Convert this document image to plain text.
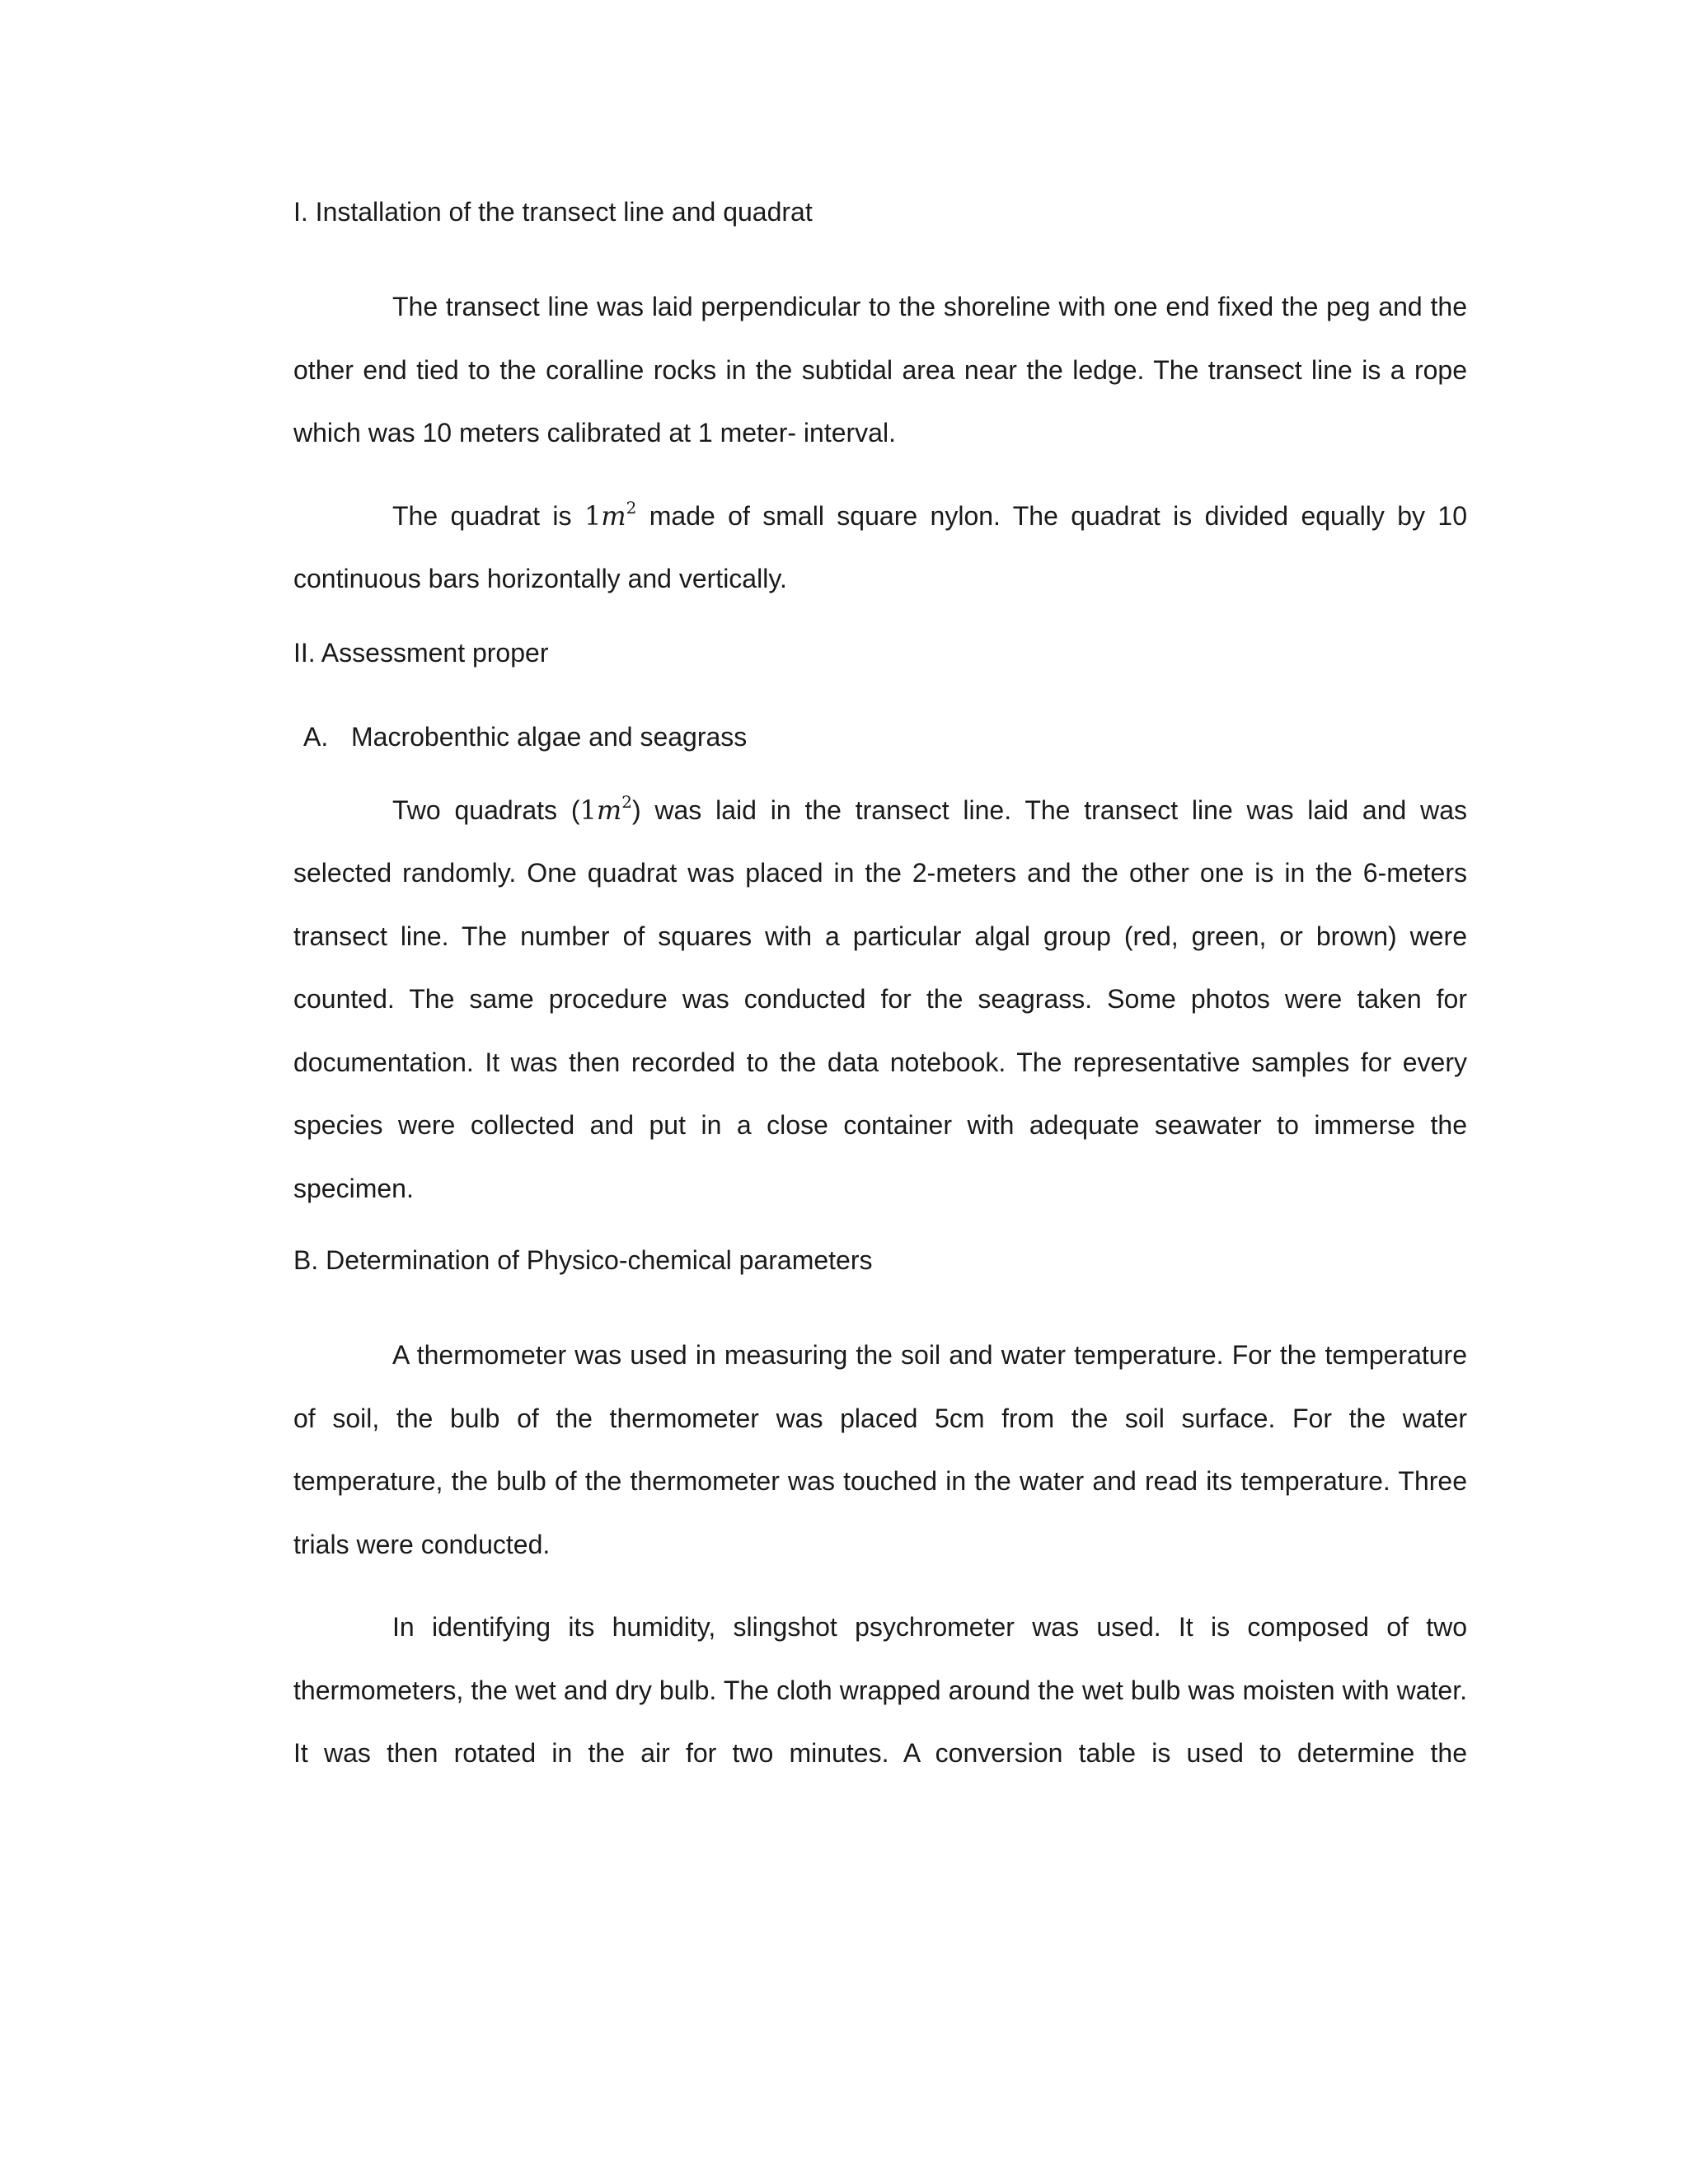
I. Installation of the transect line and quadrat

The transect line was laid perpendicular to the shoreline with one end fixed the peg and the other end tied to the coralline rocks in the subtidal area near the ledge. The transect line is a rope which was 10 meters calibrated at 1 meter- interval.

The quadrat is $1m^2$ made of small square nylon. The quadrat is divided equally by 10 continuous bars horizontally and vertically.

II. Assessment proper
A. Macrobenthic algae and seagrass

Two quadrats $(1m^2)$ was laid in the transect line. The transect line was laid and was selected randomly. One quadrat was placed in the 2-meters and the other one is in the 6-meters transect line. The number of squares with a particular algal group (red, green, or brown) were counted. The same procedure was conducted for the seagrass. Some photos were taken for documentation. It was then recorded to the data notebook. The representative samples for every species were collected and put in a close container with adequate seawater to immerse the specimen.

B. Determination of Physico-chemical parameters

A thermometer was used in measuring the soil and water temperature. For the temperature of soil, the bulb of the thermometer was placed 5cm from the soil surface. For the water temperature, the bulb of the thermometer was touched in the water and read its temperature. Three trials were conducted.

In identifying its humidity, slingshot psychrometer was used. It is composed of two thermometers, the wet and dry bulb. The cloth wrapped around the wet bulb was moisten with water. It was then rotated in the air for two minutes. A conversion table is used to determine the
